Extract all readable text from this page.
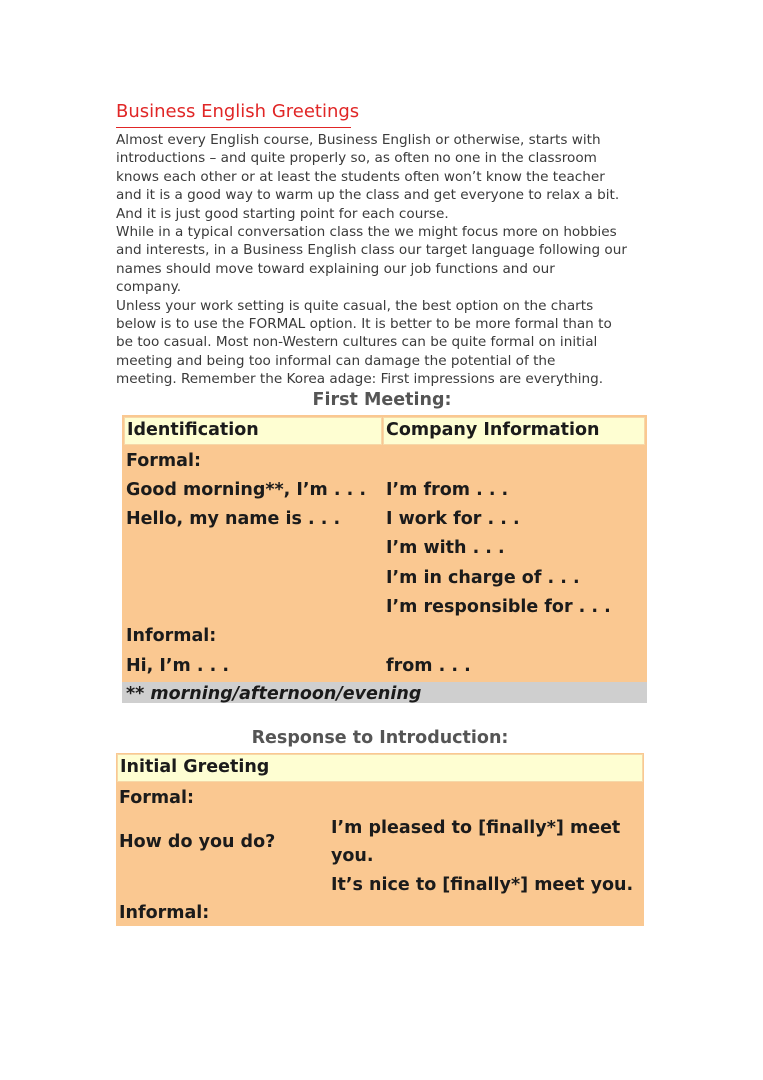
Business English Greetings

Almost every English course, Business English or otherwise, starts with

introductions – and quite properly so, as often no one in the classroom

knows each other or at least the students often won’t know the teacher

and it is a good way to warm up the class and get everyone to relax a bit.

And it is just good starting point for each course.

While in a typical conversation class the we might focus more on hobbies

and interests, in a Business English class our target language following our

names should move toward explaining our job functions and our

company.

Unless your work setting is quite casual, the best option on the charts

below is to use the FORMAL option. It is better to be more formal than to

be too casual. Most non-Western cultures can be quite formal on initial

meeting and being too informal can damage the potential of the

meeting. Remember the Korea adage: First impressions are everything.

First Meeting:
Identification	Company Information
Formal:
Good morning**, I’m . . .
Hello, my name is . . .
I’m from . . .
I work for . . .
I’m with . . .
I’m in charge of . . .
I’m responsible for . . .
Informal:
Hi, I’m . . .	from . . .
** morning/afternoon/evening
Response to Introduction:
Initial Greeting
Formal:
How do you do?
I’m pleased to [finally*] meet
you.
It’s nice to [finally*] meet you.
Informal:
